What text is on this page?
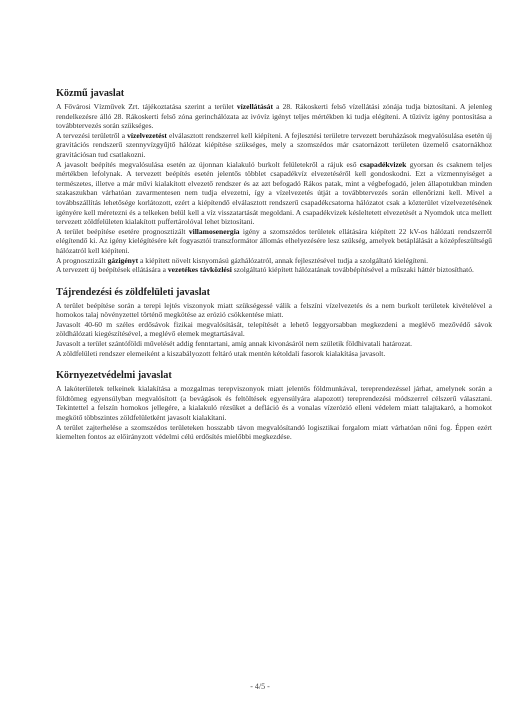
Közmű javaslat

A Fővárosi Vízművek Zrt. tájékoztatása szerint a terület vízellátását a 28. Rákoskerti felső vízellátási zónája tudja biztosítani. A jelenleg rendelkezésre álló 28. Rákoskerti felső zóna gerinchálózata az ivóvíz igényt teljes mértékben ki tudja elégíteni. A tűzivíz igény pontosítása a továbbtervezés során szükséges.

A tervezési területről a vízelvezetést elválasztott rendszerrel kell kiépíteni. A fejlesztési területre tervezett beruházások megvalósulása esetén új gravitációs rendszerű szennyvízgyűjtő hálózat kiépítése szükséges, mely a szomszédos már csatornázott területen üzemelő csatornákhoz gravitációsan tud csatlakozni.

A javasolt beépítés megvalósulása esetén az újonnan kialakuló burkolt felületekről a rájuk eső csapadékvizek gyorsan és csaknem teljes mértékben lefolynak. A tervezett beépítés esetén jelentős többlet csapadékvíz elvezetéséről kell gondoskodni. Ezt a vízmennyiséget a természetes, illetve a már művi kialakított elvezető rendszer és az azt befogadó Rákos patak, mint a végbefogadó, jelen állapotukban minden szakaszukban várhatóan zavarmentesen nem tudja elvezetni, így a vízelvezetés útját a továbbtervezés során ellenőrizni kell. Mivel a továbbszállítás lehetősége korlátozott, ezért a kiépítendő elválasztott rendszerű csapadékcsatorna hálózatot csak a közterület vízelvezetésének igényére kell méretezni és a telkeken belül kell a víz visszatartását megoldani. A csapadékvizek késleltetett elvezetését a Nyomdok utca mellett tervezett zöldfelületen kialakított puffertárolóval lehet biztosítani.

A terület beépítése esetére prognosztizált villamosenergia igény a szomszédos területek ellátására kiépített 22 kV-os hálózati rendszerről elégítendő ki. Az igény kielégítésére két fogyasztói transzformátor állomás elhelyezésére lesz szükség, amelyek betáplálását a középfeszültségű hálózatról kell kiépíteni.

A prognosztizált gázigényt a kiépített növelt kisnyomású gázhálózatról, annak fejlesztésével tudja a szolgáltató kielégíteni.

A tervezett új beépítések ellátására a vezetékes távközlési szolgáltató kiépített hálózatának továbbépítésével a műszaki háttér biztosítható.

Tájrendezési és zöldfelületi javaslat

A terület beépítése során a terepi lejtés viszonyok miatt szükségessé válik a felszíni vízelvezetés és a nem burkolt területek kivételével a homokos talaj növényzettel történő megkötése az erózió csökkentése miatt.

Javasolt 40-60 m széles erdősávok fizikai megvalósítását, telepítését a lehető leggyorsabban megkezdeni a meglévő mezővédő sávok zöldhálózati kiegészítésével, a meglévő elemek megtartásával.

Javasolt a terület szántóföldi művelését addig fenntartani, amíg annak kivonásáról nem születik földhivatali határozat.

A zöldfelületi rendszer elemeiként a kiszabályozott feltáró utak mentén kétoldali fasorok kialakítása javasolt.

Környezetvédelmi javaslat

A lakóterületek telkeinek kialakítása a mozgalmas terepviszonyok miatt jelentős földmunkával, tereprendezéssel járhat, amelynek során a földtömeg egyensúlyban megvalósított (a bevágások és feltöltések egyensúlyára alapozott) tereprendezési módszerrel célszerű választani. Tekintettel a felszín homokos jellegére, a kialakuló rézsűket a defláció és a vonalas vízerózió elleni védelem miatt talajtakaró, a homokot megkötő többszintes zöldfelületként javasolt kialakítani.

A terület zajterhelése a szomszédos területeken hosszabb távon megvalósítandó logisztikai forgalom miatt várhatóan nőni fog. Éppen ezért kiemelten fontos az előirányzott védelmi célú erdősítés mielőbbi megkezdése.

- 4/5 -
